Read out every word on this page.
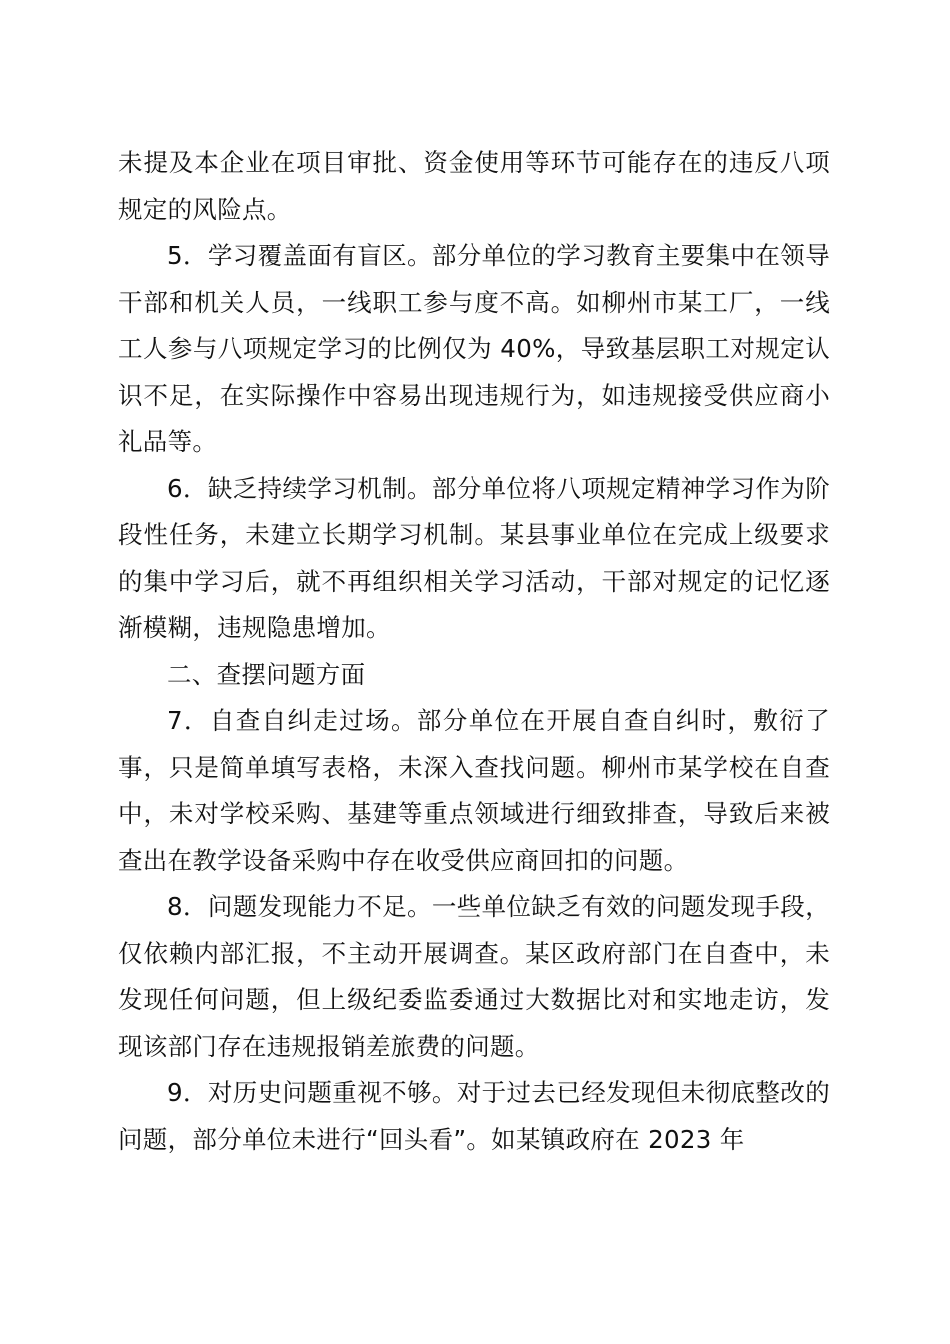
未提及本企业在项目审批、资金使用等环节可能存在的违反八项规定的风险点。

5．学习覆盖面有盲区。部分单位的学习教育主要集中在领导干部和机关人员，一线职工参与度不高。如柳州市某工厂，一线工人参与八项规定学习的比例仅为 40%，导致基层职工对规定认识不足，在实际操作中容易出现违规行为，如违规接受供应商小礼品等。

6．缺乏持续学习机制。部分单位将八项规定精神学习作为阶段性任务，未建立长期学习机制。某县事业单位在完成上级要求的集中学习后，就不再组织相关学习活动，干部对规定的记忆逐渐模糊，违规隐患增加。

二、查摆问题方面

7．自查自纠走过场。部分单位在开展自查自纠时，敷衍了事，只是简单填写表格，未深入查找问题。柳州市某学校在自查中，未对学校采购、基建等重点领域进行细致排查，导致后来被查出在教学设备采购中存在收受供应商回扣的问题。

8．问题发现能力不足。一些单位缺乏有效的问题发现手段，仅依赖内部汇报，不主动开展调查。某区政府部门在自查中，未发现任何问题，但上级纪委监委通过大数据比对和实地走访，发现该部门存在违规报销差旅费的问题。

9．对历史问题重视不够。对于过去已经发现但未彻底整改的问题，部分单位未进行“回头看”。如某镇政府在 2023 年
